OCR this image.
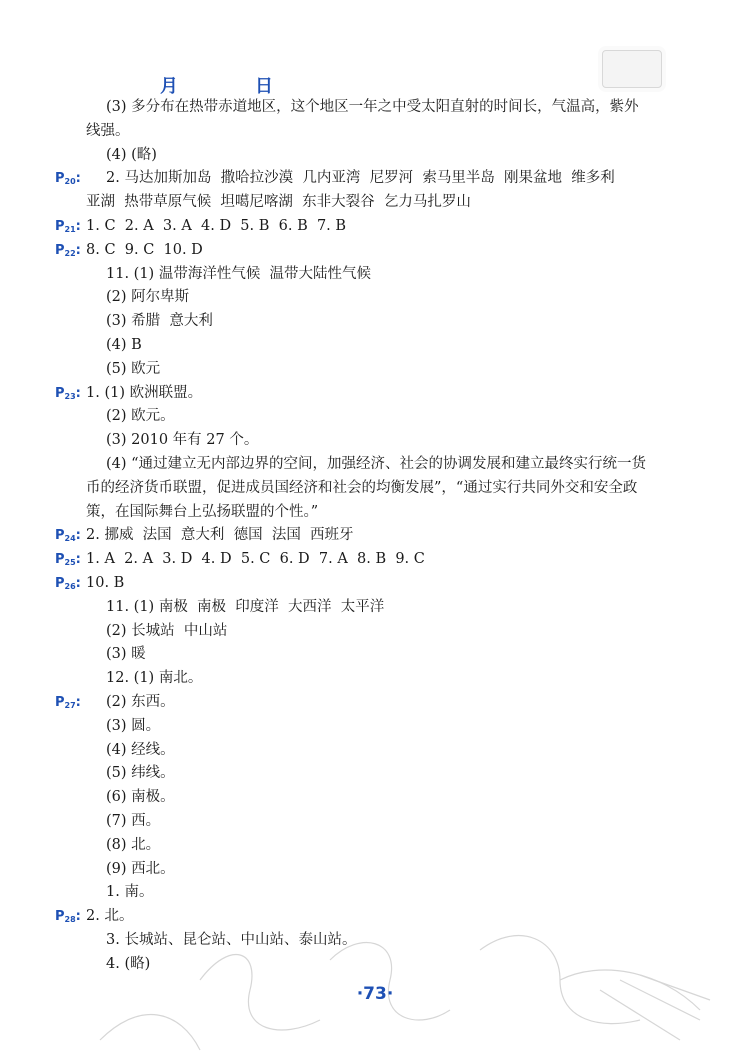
月	日
(3) 多分布在热带赤道地区，这个地区一年之中受太阳直射的时间长，气温高，紫外
线强。
(4) (略)
$P_{20}$: 2. 马达加斯加岛  撒哈拉沙漠  几内亚湾  尼罗河  索马里半岛  刚果盆地  维多利
亚湖  热带草原气候  坦噶尼喀湖  东非大裂谷  乞力马扎罗山
$P_{21}$: 1. C  2. A  3. A  4. D  5. B  6. B  7. B
$P_{22}$: 8. C  9. C  10. D
11. (1) 温带海洋性气候  温带大陆性气候
(2) 阿尔卑斯
(3) 希腊  意大利
(4) B
(5) 欧元
$P_{23}$: 1. (1) 欧洲联盟。
(2) 欧元。
(3) 2010 年有 27 个。
(4) “通过建立无内部边界的空间，加强经济、社会的协调发展和建立最终实行统一货
币的经济货币联盟，促进成员国经济和社会的均衡发展”，“通过实行共同外交和安全政
策，在国际舞台上弘扬联盟的个性。”
$P_{24}$: 2. 挪威  法国  意大利  德国  法国  西班牙
$P_{25}$: 1. A  2. A  3. D  4. D  5. C  6. D  7. A  8. B  9. C
$P_{26}$: 10. B
11. (1) 南极  南极  印度洋  大西洋  太平洋
(2) 长城站  中山站
(3) 暖
12. (1) 南北。
$P_{27}$: (2) 东西。
(3) 圆。
(4) 经线。
(5) 纬线。
(6) 南极。
(7) 西。
(8) 北。
(9) 西北。
1. 南。
$P_{28}$: 2. 北。
3. 长城站、昆仑站、中山站、泰山站。
4. (略)
·73·
